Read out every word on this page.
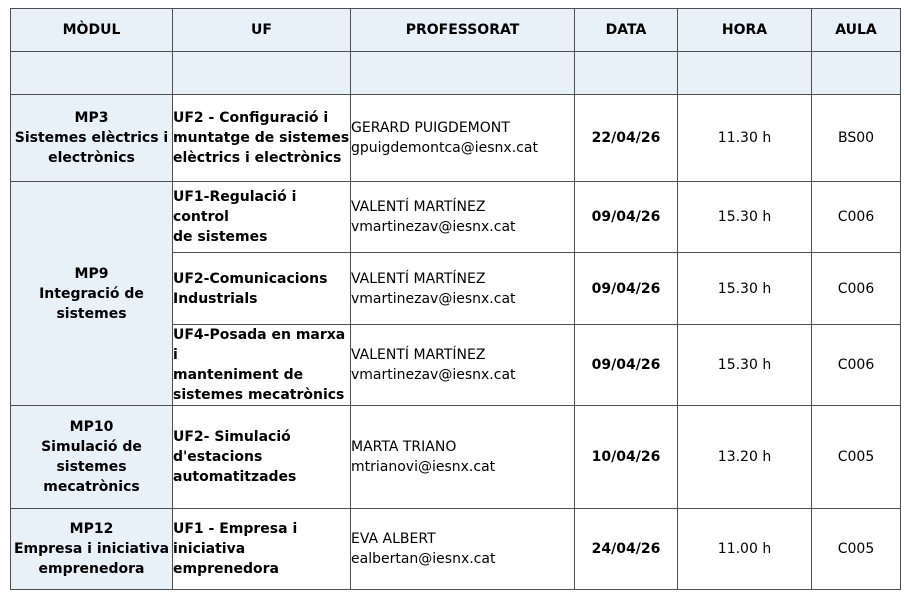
MÒDUL	UF	PROFESSORAT	DATA	HORA	AULA

MP3
Sistemes elèctrics i
electrònics	UF2 - Configuració i
muntatge de sistemes
elèctrics i electrònics	GERARD PUIGDEMONT
gpuigdemontca@iesnx.cat	22/04/26	11.30 h	BS00

MP9
Integració de
sistemes	UF1-Regulació i control
de sistemes	VALENTÍ MARTÍNEZ
vmartinezav@iesnx.cat	09/04/26	15.30 h	C006

	UF2-Comunicacions
Industrials	VALENTÍ MARTÍNEZ
vmartinezav@iesnx.cat	09/04/26	15.30 h	C006

	UF4-Posada en marxa i
manteniment de
sistemes mecatrònics	VALENTÍ MARTÍNEZ
vmartinezav@iesnx.cat	09/04/26	15.30 h	C006

MP10
Simulació de
sistemes mecatrònics	UF2- Simulació
d'estacions
automatitzades	MARTA TRIANO
mtrianovi@iesnx.cat	10/04/26	13.20 h	C005

MP12
Empresa i iniciativa
emprenedora	UF1 - Empresa i
iniciativa emprenedora	EVA ALBERT
ealbertan@iesnx.cat	24/04/26	11.00 h	C005
